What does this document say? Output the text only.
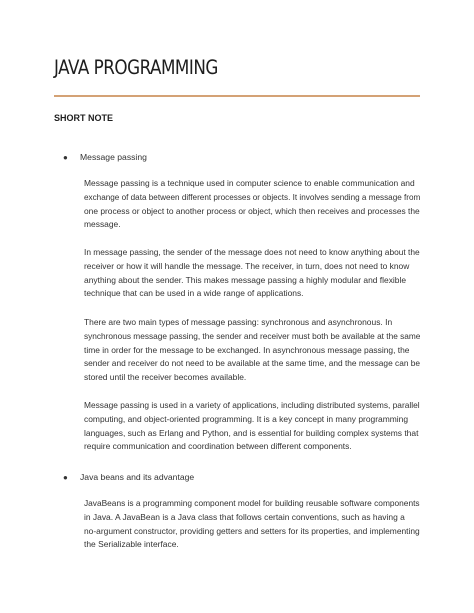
JAVA PROGRAMMING
SHORT NOTE
● Message passing
Message passing is a technique used in computer science to enable communication and
exchange of data between different processes or objects. It involves sending a message from
one process or object to another process or object, which then receives and processes the
message.
In message passing, the sender of the message does not need to know anything about the
receiver or how it will handle the message. The receiver, in turn, does not need to know
anything about the sender. This makes message passing a highly modular and flexible
technique that can be used in a wide range of applications.
There are two main types of message passing: synchronous and asynchronous. In
synchronous message passing, the sender and receiver must both be available at the same
time in order for the message to be exchanged. In asynchronous message passing, the
sender and receiver do not need to be available at the same time, and the message can be
stored until the receiver becomes available.
Message passing is used in a variety of applications, including distributed systems, parallel
computing, and object-oriented programming. It is a key concept in many programming
languages, such as Erlang and Python, and is essential for building complex systems that
require communication and coordination between different components.
● Java beans and its advantage
JavaBeans is a programming component model for building reusable software components
in Java. A JavaBean is a Java class that follows certain conventions, such as having a
no-argument constructor, providing getters and setters for its properties, and implementing
the Serializable interface.
